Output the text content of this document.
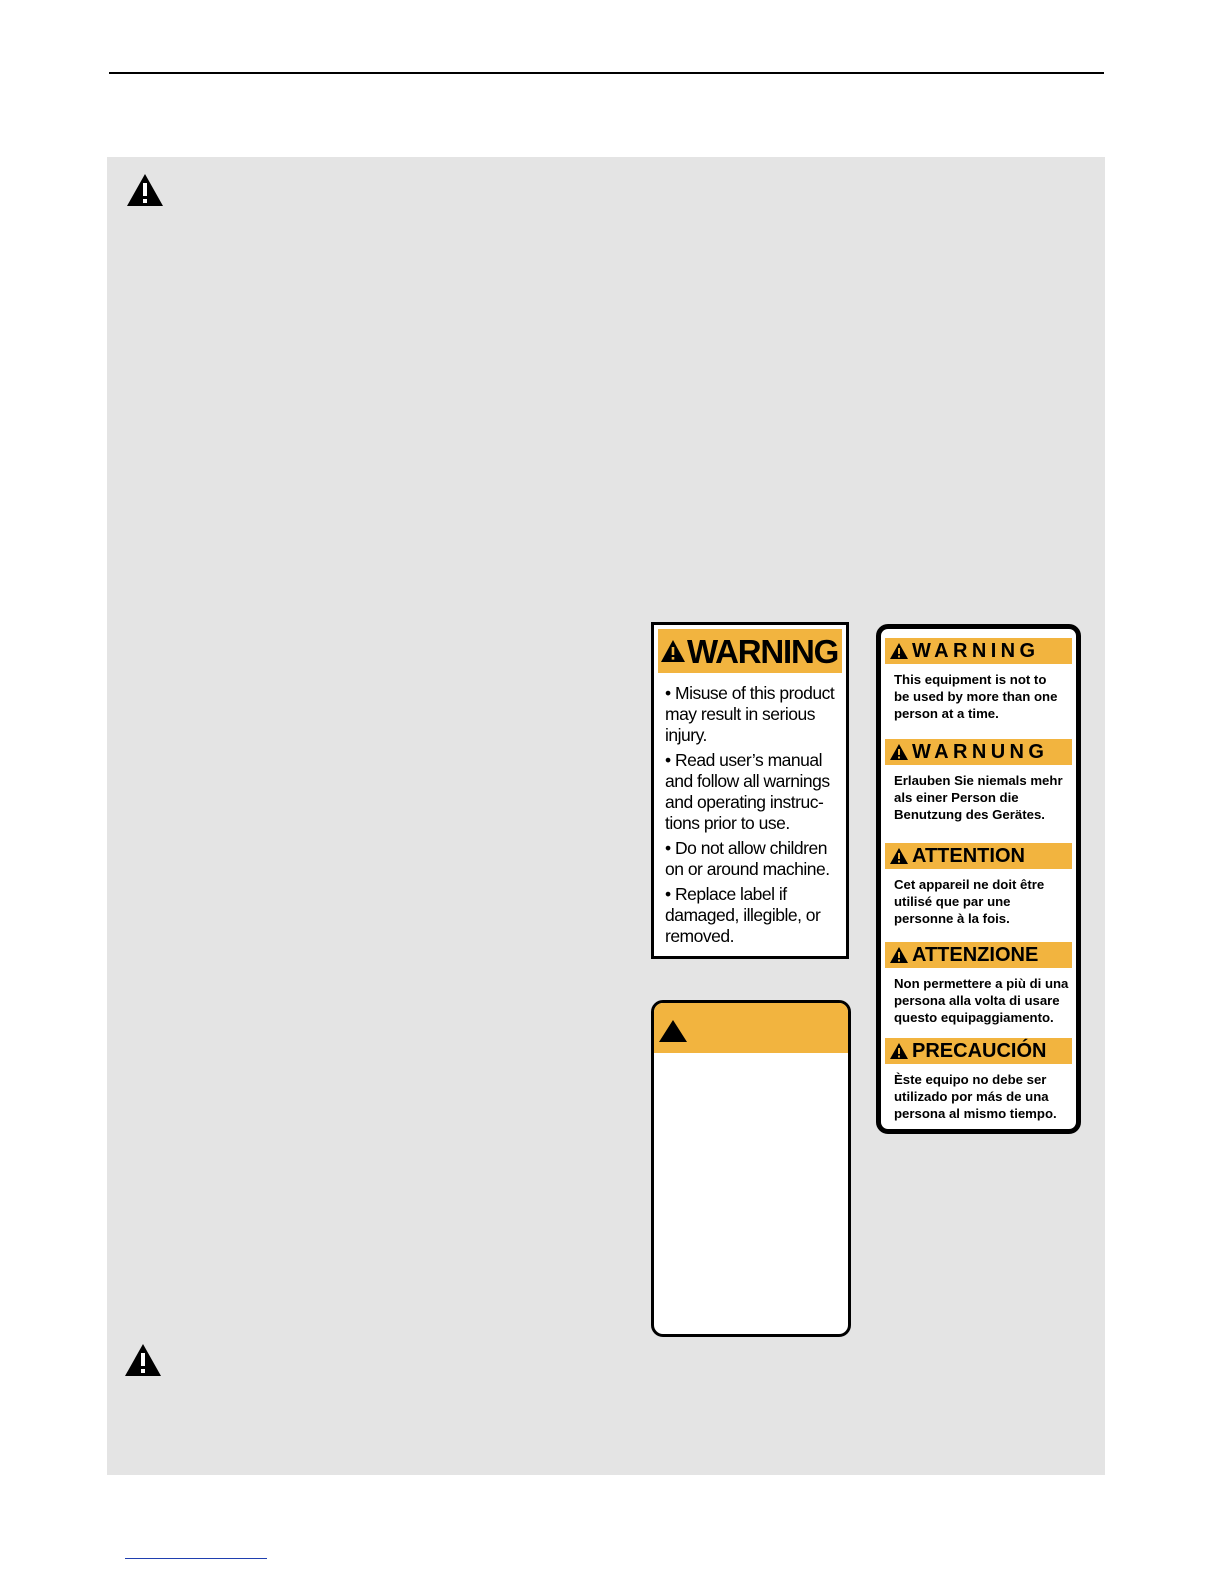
WARNING
• Misuse of this product
may result in serious
injury.
• Read user’s manual
and follow all warnings
and operating instruc-
tions prior to use.
• Do not allow children
on or around machine.
• Replace label if
damaged, illegible, or
removed.
WARNING
This equipment is not to
be used by more than one
person at a time.
WARNUNG
Erlauben Sie niemals mehr
als einer Person die
Benutzung des Gerätes.
ATTENTION
Cet appareil ne doit être
utilisé que par une
personne à la fois.
ATTENZIONE
Non permettere a più di una
persona alla volta di usare
questo equipaggiamento.
PRECAUCIÓN
Èste equipo no debe ser
utilizado por más de una
persona al mismo tiempo.
